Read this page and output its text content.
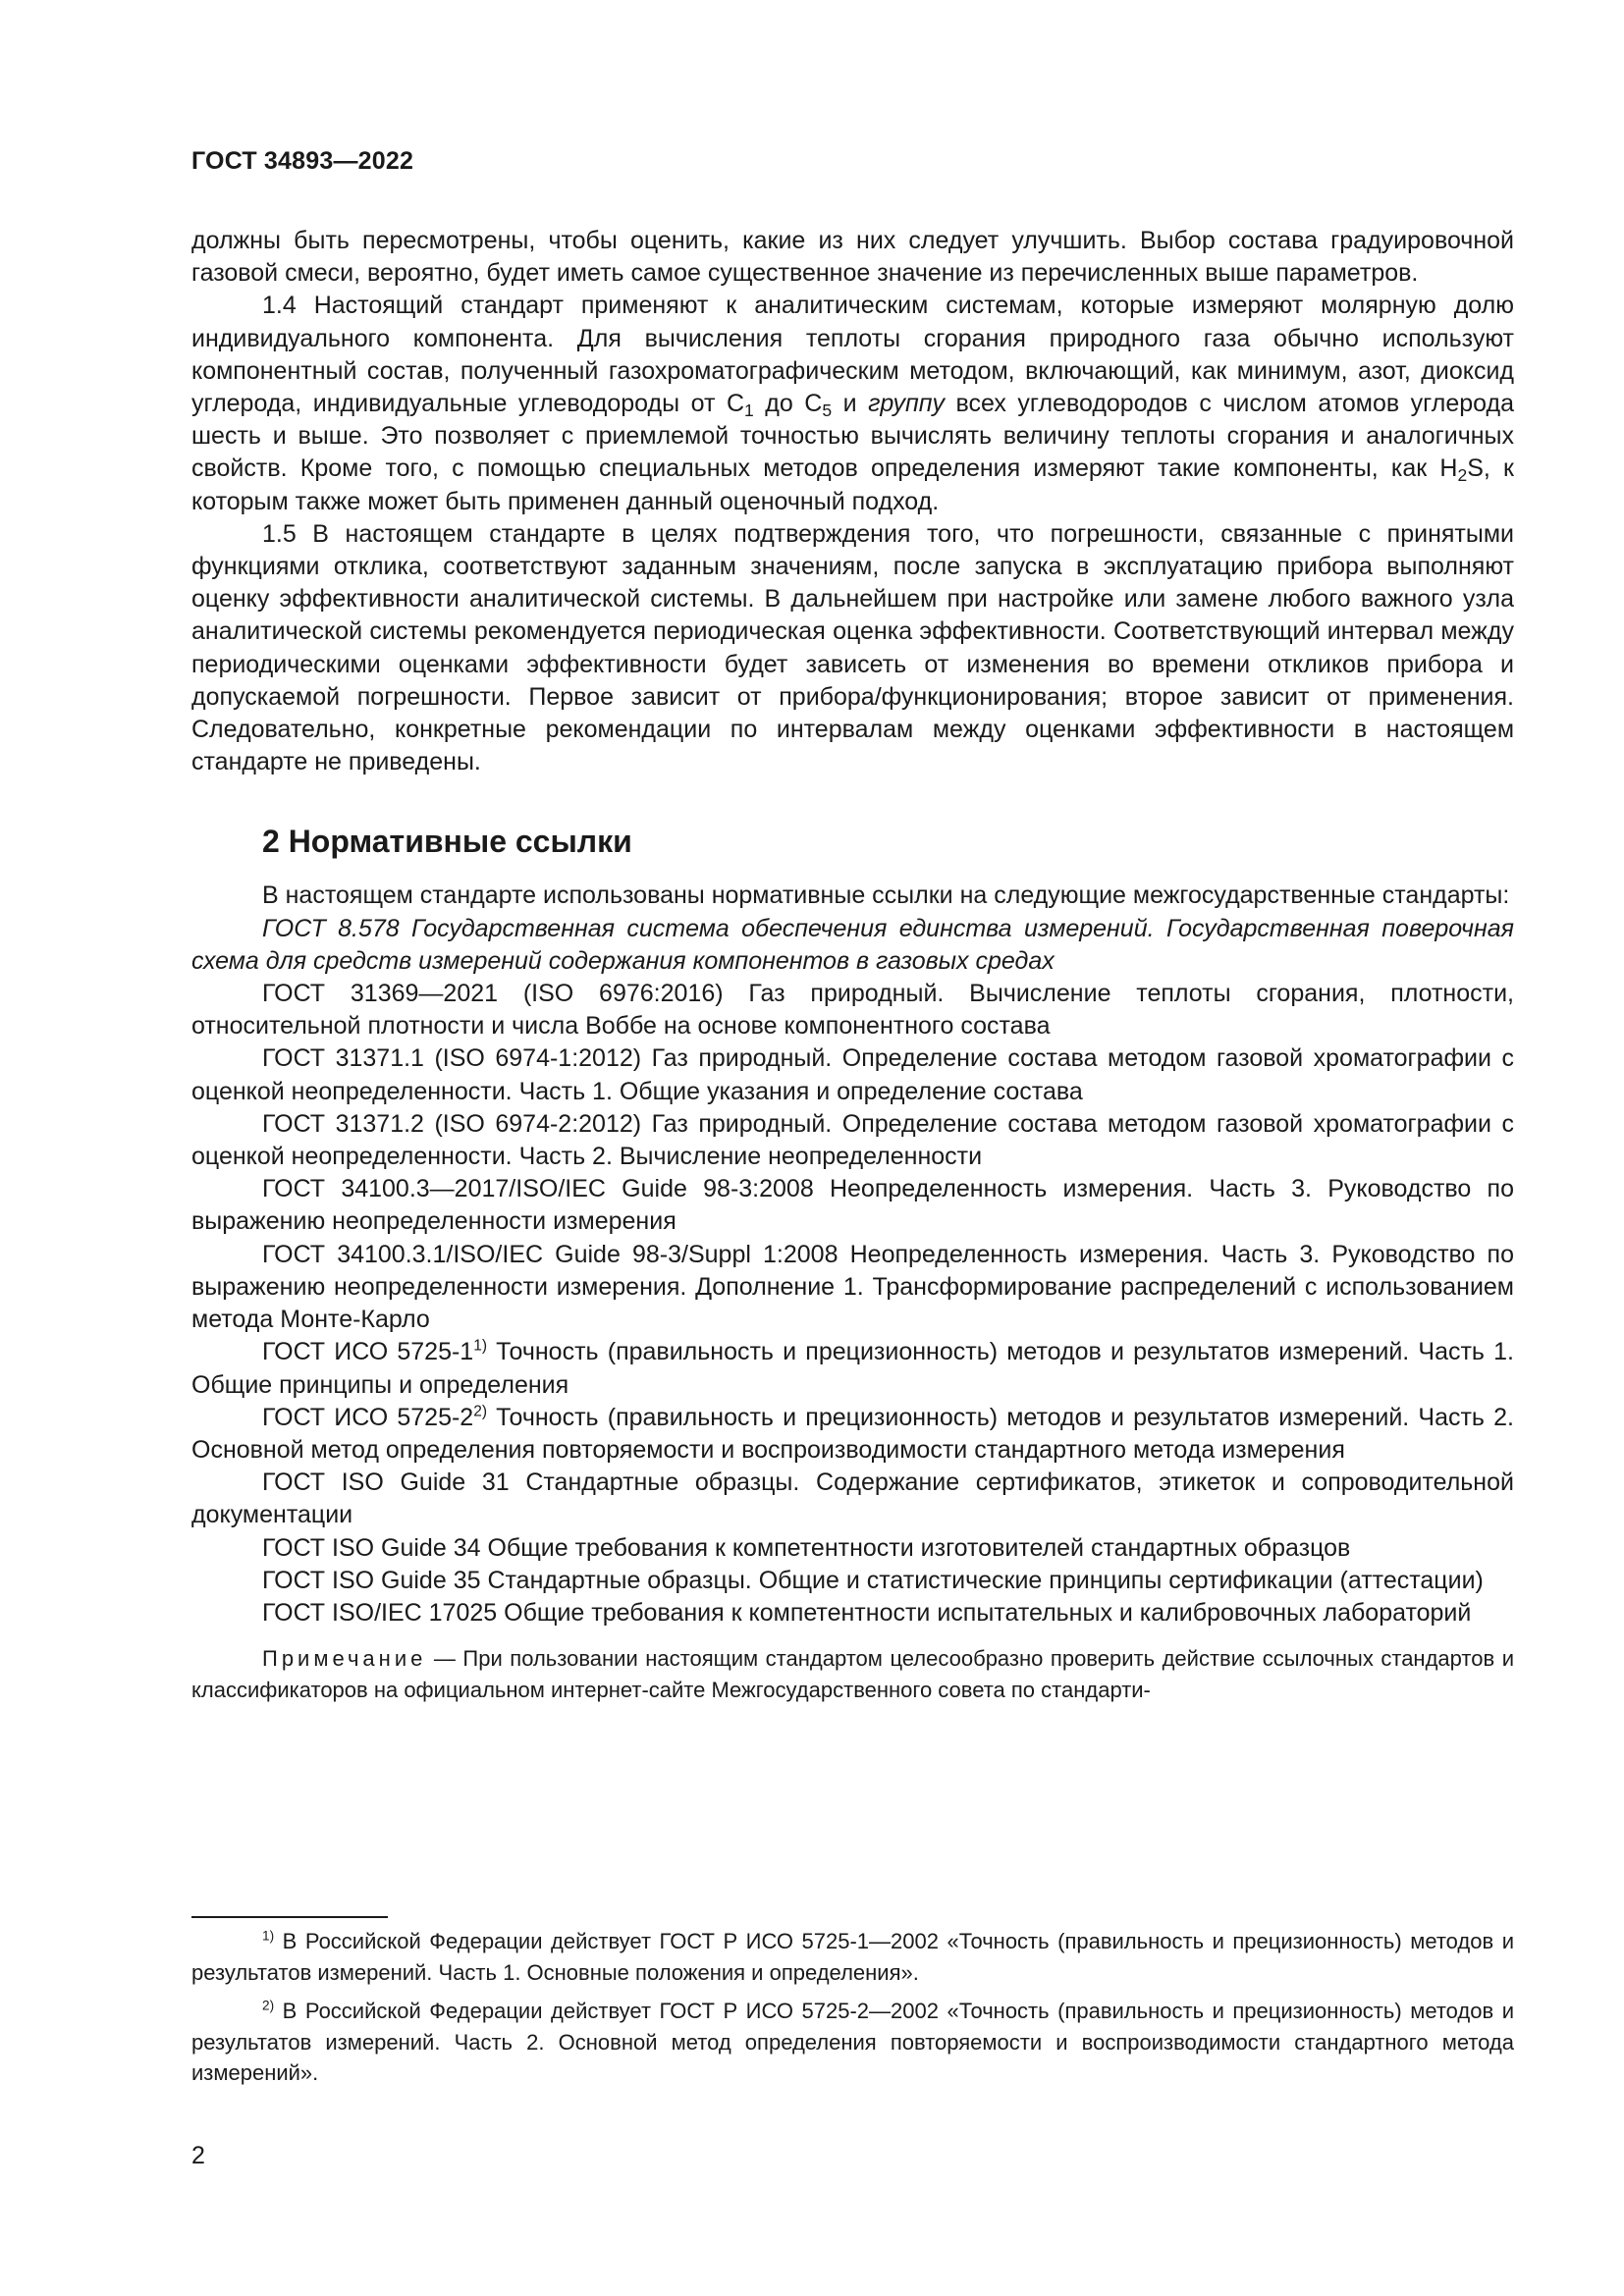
ГОСТ 34893—2022

должны быть пересмотрены, чтобы оценить, какие из них следует улучшить. Выбор состава градуировочной газовой смеси, вероятно, будет иметь самое существенное значение из перечисленных выше параметров.

1.4 Настоящий стандарт применяют к аналитическим системам, которые измеряют молярную долю индивидуального компонента. Для вычисления теплоты сгорания природного газа обычно используют компонентный состав, полученный газохроматографическим методом, включающий, как минимум, азот, диоксид углерода, индивидуальные углеводороды от $С_1$ до $С_5$ и группу всех углеводородов с числом атомов углерода шесть и выше. Это позволяет с приемлемой точностью вычислять величину теплоты сгорания и аналогичных свойств. Кроме того, с помощью специальных методов определения измеряют такие компоненты, как $Н_2S$, к которым также может быть применен данный оценочный подход.

1.5 В настоящем стандарте в целях подтверждения того, что погрешности, связанные с принятыми функциями отклика, соответствуют заданным значениям, после запуска в эксплуатацию прибора выполняют оценку эффективности аналитической системы. В дальнейшем при настройке или замене любого важного узла аналитической системы рекомендуется периодическая оценка эффективности. Соответствующий интервал между периодическими оценками эффективности будет зависеть от изменения во времени откликов прибора и допускаемой погрешности. Первое зависит от прибора/функционирования; второе зависит от применения. Следовательно, конкретные рекомендации по интервалам между оценками эффективности в настоящем стандарте не приведены.

2 Нормативные ссылки

В настоящем стандарте использованы нормативные ссылки на следующие межгосударственные стандарты:

ГОСТ 8.578 Государственная система обеспечения единства измерений. Государственная поверочная схема для средств измерений содержания компонентов в газовых средах

ГОСТ 31369—2021 (ISO 6976:2016) Газ природный. Вычисление теплоты сгорания, плотности, относительной плотности и числа Воббе на основе компонентного состава

ГОСТ 31371.1 (ISO 6974-1:2012) Газ природный. Определение состава методом газовой хроматографии с оценкой неопределенности. Часть 1. Общие указания и определение состава

ГОСТ 31371.2 (ISO 6974-2:2012) Газ природный. Определение состава методом газовой хроматографии с оценкой неопределенности. Часть 2. Вычисление неопределенности

ГОСТ 34100.3—2017/ISO/IEC Guide 98-3:2008 Неопределенность измерения. Часть 3. Руководство по выражению неопределенности измерения

ГОСТ 34100.3.1/ISO/IEC Guide 98-3/Suppl 1:2008 Неопределенность измерения. Часть 3. Руководство по выражению неопределенности измерения. Дополнение 1. Трансформирование распределений с использованием метода Монте-Карло

ГОСТ ИСО 5725-1$^{1)}$ Точность (правильность и прецизионность) методов и результатов измерений. Часть 1. Общие принципы и определения

ГОСТ ИСО 5725-2$^{2)}$ Точность (правильность и прецизионность) методов и результатов измерений. Часть 2. Основной метод определения повторяемости и воспроизводимости стандартного метода измерения

ГОСТ ISO Guide 31 Стандартные образцы. Содержание сертификатов, этикеток и сопроводительной документации

ГОСТ ISO Guide 34 Общие требования к компетентности изготовителей стандартных образцов

ГОСТ ISO Guide 35 Стандартные образцы. Общие и статистические принципы сертификации (аттестации)

ГОСТ ISO/IEC 17025 Общие требования к компетентности испытательных и калибровочных лабораторий

Примечание — При пользовании настоящим стандартом целесообразно проверить действие ссылочных стандартов и классификаторов на официальном интернет-сайте Межгосударственного совета по стандарти-

$^{1)}$ В Российской Федерации действует ГОСТ Р ИСО 5725-1—2002 «Точность (правильность и прецизионность) методов и результатов измерений. Часть 1. Основные положения и определения».

$^{2)}$ В Российской Федерации действует ГОСТ Р ИСО 5725-2—2002 «Точность (правильность и прецизионность) методов и результатов измерений. Часть 2. Основной метод определения повторяемости и воспроизводимости стандартного метода измерений».

2
